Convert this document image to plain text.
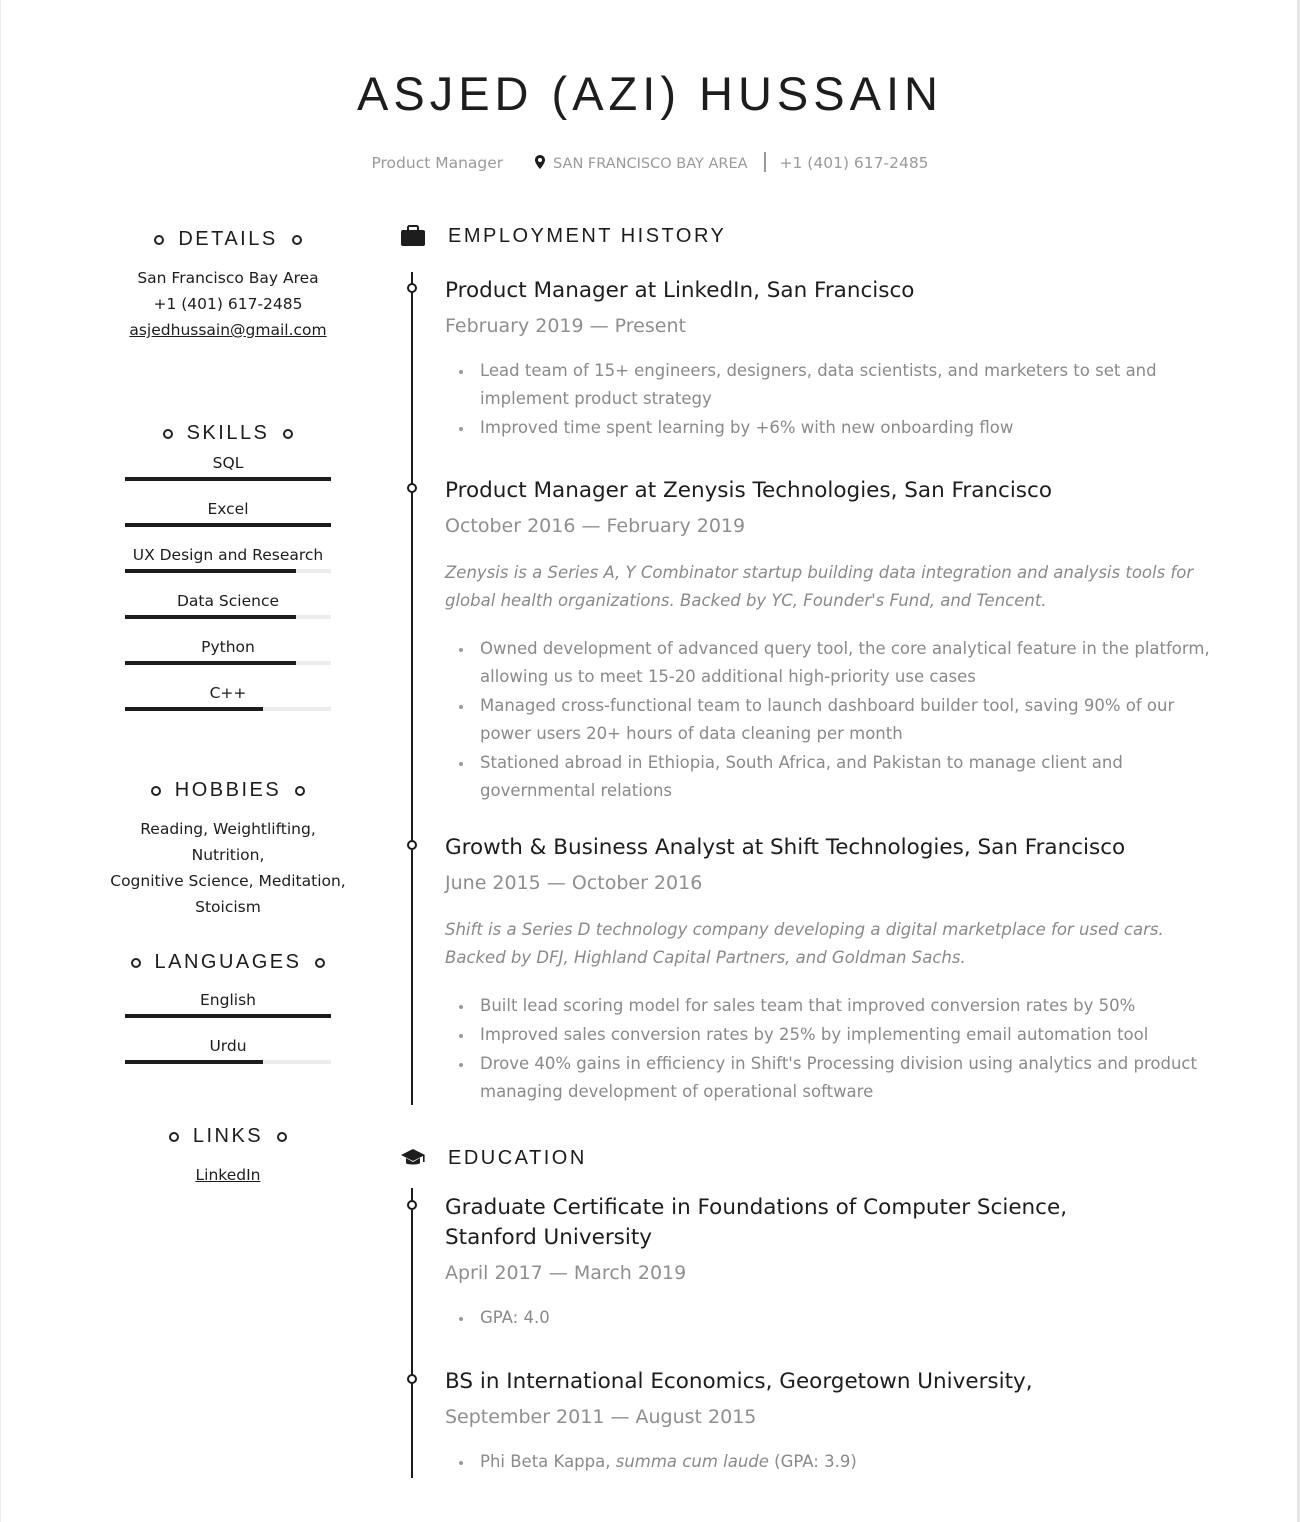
ASJED (AZI) HUSSAIN
Product Manager	SAN FRANCISCO BAY AREA +1 (401) 617-2485
DETAILS
San Francisco Bay Area
+1 (401) 617-2485
asjedhussain@gmail.com
SKILLS
SQL
Excel
UX Design and Research
Data Science
Python
C++
HOBBIES
Reading, Weightlifting, Nutrition,
Cognitive Science, Meditation,
Stoicism
LANGUAGES
English
Urdu
LINKS
LinkedIn
EMPLOYMENT HISTORY
Product Manager at LinkedIn, San Francisco
February 2019 — Present
Lead team of 15+ engineers, designers, data scientists, and marketers to set and implement product strategy
Improved time spent learning by +6% with new onboarding flow
Product Manager at Zenysis Technologies, San Francisco
October 2016 — February 2019
Zenysis is a Series A, Y Combinator startup building data integration and analysis tools for global health organizations. Backed by YC, Founder's Fund, and Tencent.
Owned development of advanced query tool, the core analytical feature in the platform, allowing us to meet 15-20 additional high-priority use cases
Managed cross-functional team to launch dashboard builder tool, saving 90% of our power users 20+ hours of data cleaning per month
Stationed abroad in Ethiopia, South Africa, and Pakistan to manage client and governmental relations
Growth & Business Analyst at Shift Technologies, San Francisco
June 2015 — October 2016
Shift is a Series D technology company developing a digital marketplace for used cars. Backed by DFJ, Highland Capital Partners, and Goldman Sachs.
Built lead scoring model for sales team that improved conversion rates by 50%
Improved sales conversion rates by 25% by implementing email automation tool
Drove 40% gains in efficiency in Shift's Processing division using analytics and product managing development of operational software
EDUCATION
Graduate Certificate in Foundations of Computer Science, Stanford University
April 2017 — March 2019
GPA: 4.0
BS in International Economics, Georgetown University,
September 2011 — August 2015
Phi Beta Kappa, summa cum laude (GPA: 3.9)
